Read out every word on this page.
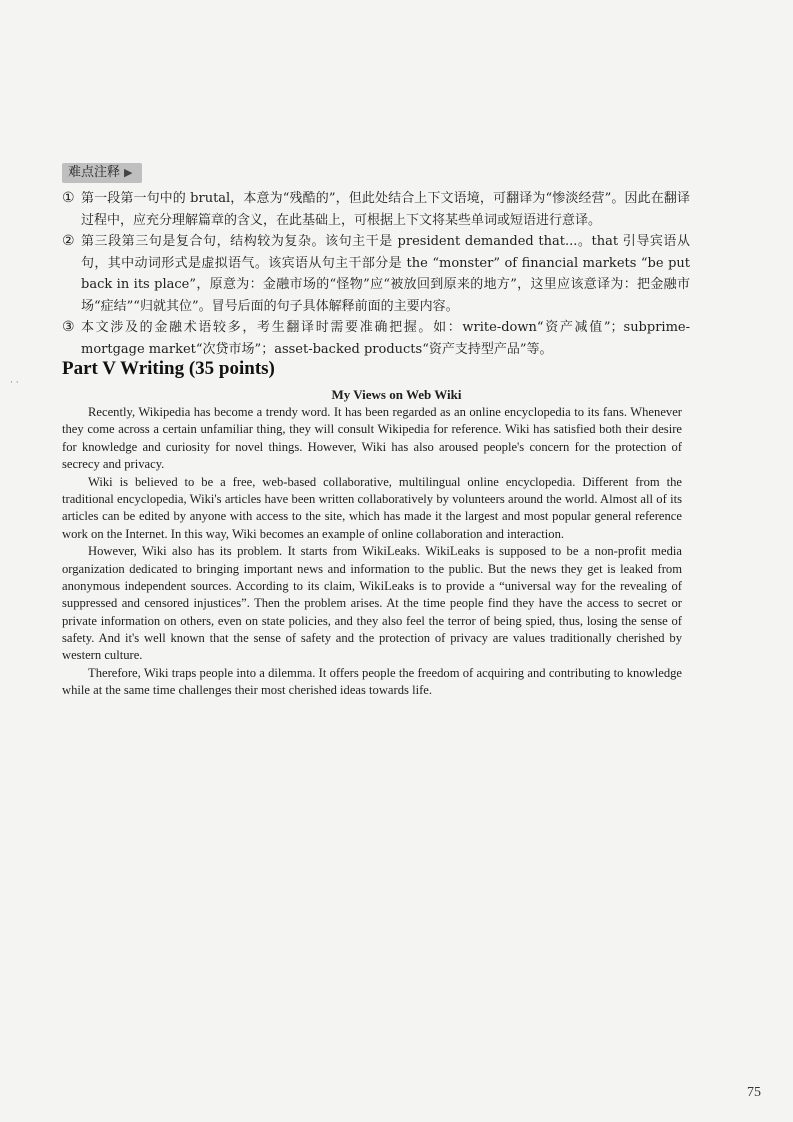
· ·
难点注释 ▶
① 第一段第一句中的 brutal，本意为“残酷的”，但此处结合上下文语境，可翻译为“惨淡经营”。因此在翻译过程中，应充分理解篇章的含义，在此基础上，可根据上下文将某些单词或短语进行意译。
② 第三段第三句是复合句，结构较为复杂。该句主干是 president demanded that...。that 引导宾语从句，其中动词形式是虚拟语气。该宾语从句主干部分是 the “monster” of financial markets “be put back in its place”，原意为：金融市场的“怪物”应“被放回到原来的地方”，这里应该意译为：把金融市场“症结”“归就其位”。冒号后面的句子具体解释前面的主要内容。
③ 本文涉及的金融术语较多，考生翻译时需要准确把握。如：write-down“资产减值”；subprime-mortgage market“次贷市场”；asset-backed products“资产支持型产品”等。
Part V Writing (35 points)
My Views on Web Wiki

Recently, Wikipedia has become a trendy word. It has been regarded as an online encyclopedia to its fans. Whenever they come across a certain unfamiliar thing, they will consult Wikipedia for reference. Wiki has satisfied both their desire for knowledge and curiosity for novel things. However, Wiki has also aroused people's concern for the protection of secrecy and privacy.

Wiki is believed to be a free, web-based collaborative, multilingual online encyclopedia. Different from the traditional encyclopedia, Wiki's articles have been written collaboratively by volunteers around the world. Almost all of its articles can be edited by anyone with access to the site, which has made it the largest and most popular general reference work on the Internet. In this way, Wiki becomes an example of online collaboration and interaction.

However, Wiki also has its problem. It starts from WikiLeaks. WikiLeaks is supposed to be a non-profit media organization dedicated to bringing important news and information to the public. But the news they get is leaked from anonymous independent sources. According to its claim, WikiLeaks is to provide a “universal way for the revealing of suppressed and censored injustices”. Then the problem arises. At the time people find they have the access to secret or private information on others, even on state policies, and they also feel the terror of being spied, thus, losing the sense of safety. And it's well known that the sense of safety and the protection of privacy are values traditionally cherished by western culture.

Therefore, Wiki traps people into a dilemma. It offers people the freedom of acquiring and contributing to knowledge while at the same time challenges their most cherished ideas towards life.

75
